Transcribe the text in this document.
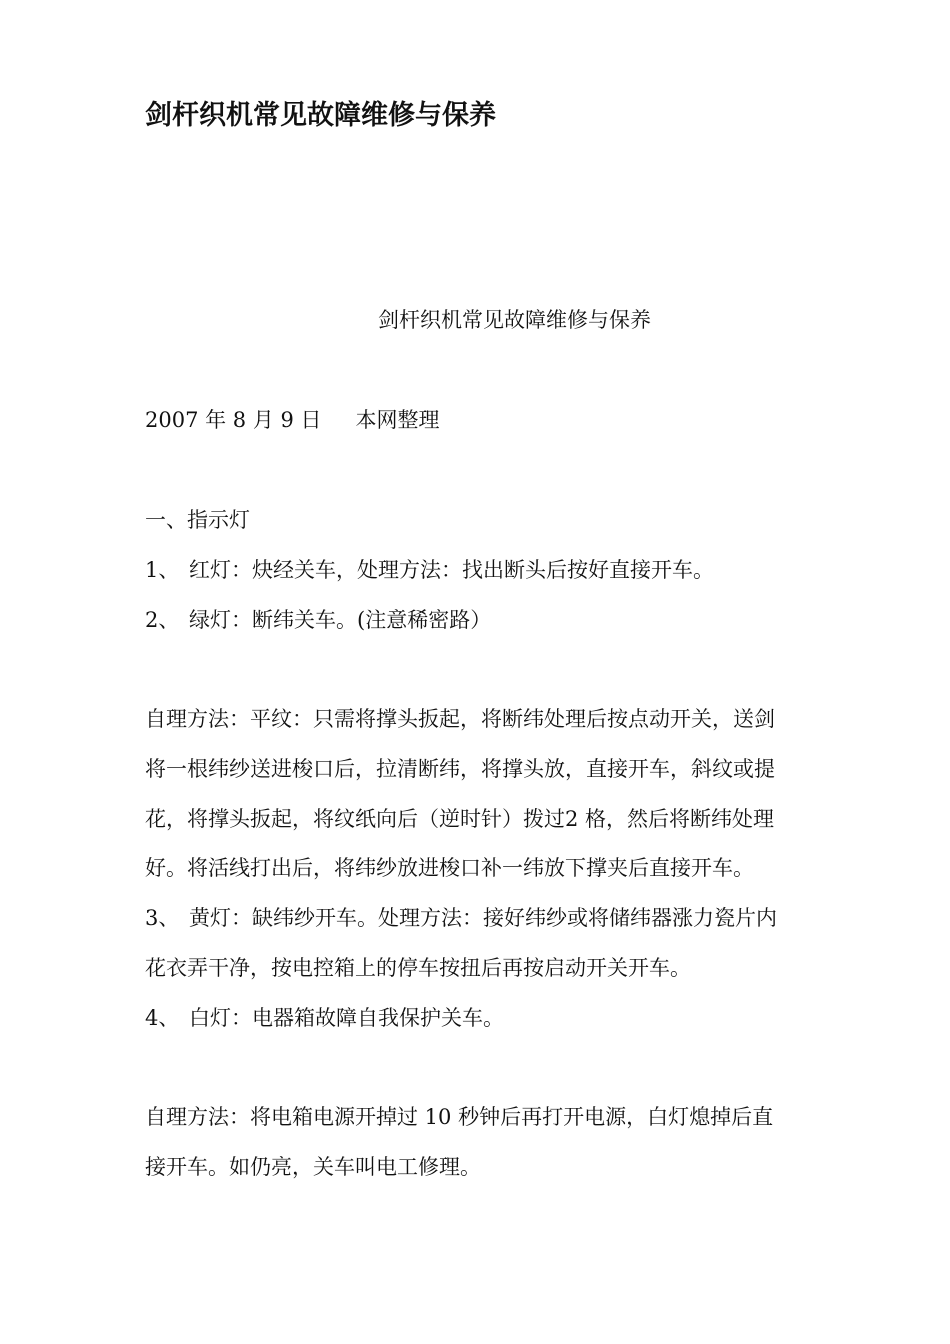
剑杆织机常见故障维修与保养

剑杆织机常见故障维修与保养

2007 年 8 月 9 日 本网整理

一、指示灯

1、 红灯：炔经关车，处理方法：找出断头后按好直接开车。

2、 绿灯：断纬关车。(注意稀密路）

自理方法：平纹：只需将撑头扳起，将断纬处理后按点动开关，送剑

将一根纬纱送进梭口后，拉清断纬，将撑头放，直接开车，斜纹或提

花，将撑头扳起，将纹纸向后（逆时针）拨过2 格，然后将断纬处理

好。将活线打出后，将纬纱放进梭口补一纬放下撑夹后直接开车。

3、 黄灯：缺纬纱开车。处理方法：接好纬纱或将储纬器涨力瓷片内

花衣弄干净，按电控箱上的停车按扭后再按启动开关开车。

4、 白灯：电器箱故障自我保护关车。

自理方法：将电箱电源开掉过 10 秒钟后再打开电源，白灯熄掉后直

接开车。如仍亮，关车叫电工修理。
